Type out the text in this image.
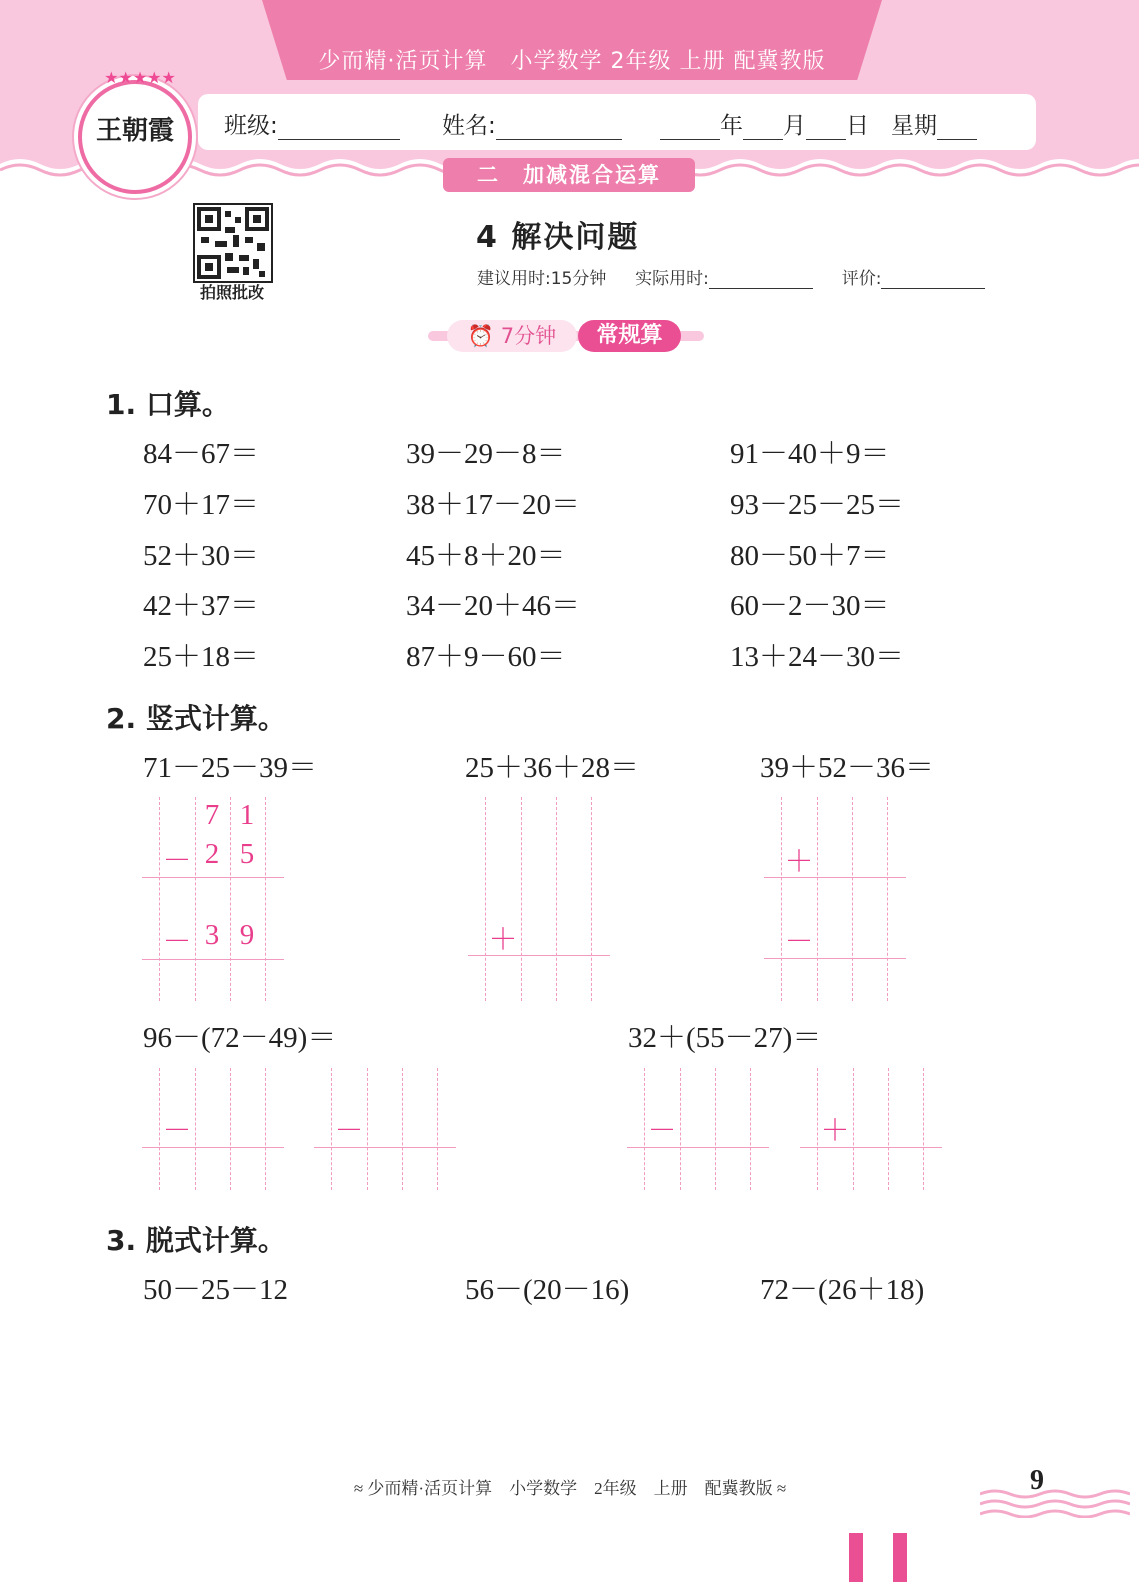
少而精·活页计算　小学数学 2年级 上册 配冀教版
班级:	姓名:	年 月 日 星期
二　加减混合运算
★★★★★
王朝霞
拍照批改
4 解决问题
建议用时:15分钟 实际用时:	评价:
⏰ 7分钟	常规算
1. 口算。
84－67＝	39－29－8＝	91－40＋9＝
70＋17＝	38＋17－20＝	93－25－25＝
52＋30＝	45＋8＋20＝	80－50＋7＝
42＋37＝	34－20＋46＝	60－2－30＝
25＋18＝	87＋9－60＝	13＋24－30＝
2. 竖式计算。
71－25－39＝	25＋36＋28＝	39＋52－36＝
7 1
－ 2 5
－ 3 9	＋
＋
－
96－(72－49)＝	32＋(55－27)＝
－	－	－	＋
3. 脱式计算。
50－25－12	56－(20－16)	72－(26＋18)
≈ 少而精·活页计算　小学数学　2年级　上册　配冀教版 ≈	9
